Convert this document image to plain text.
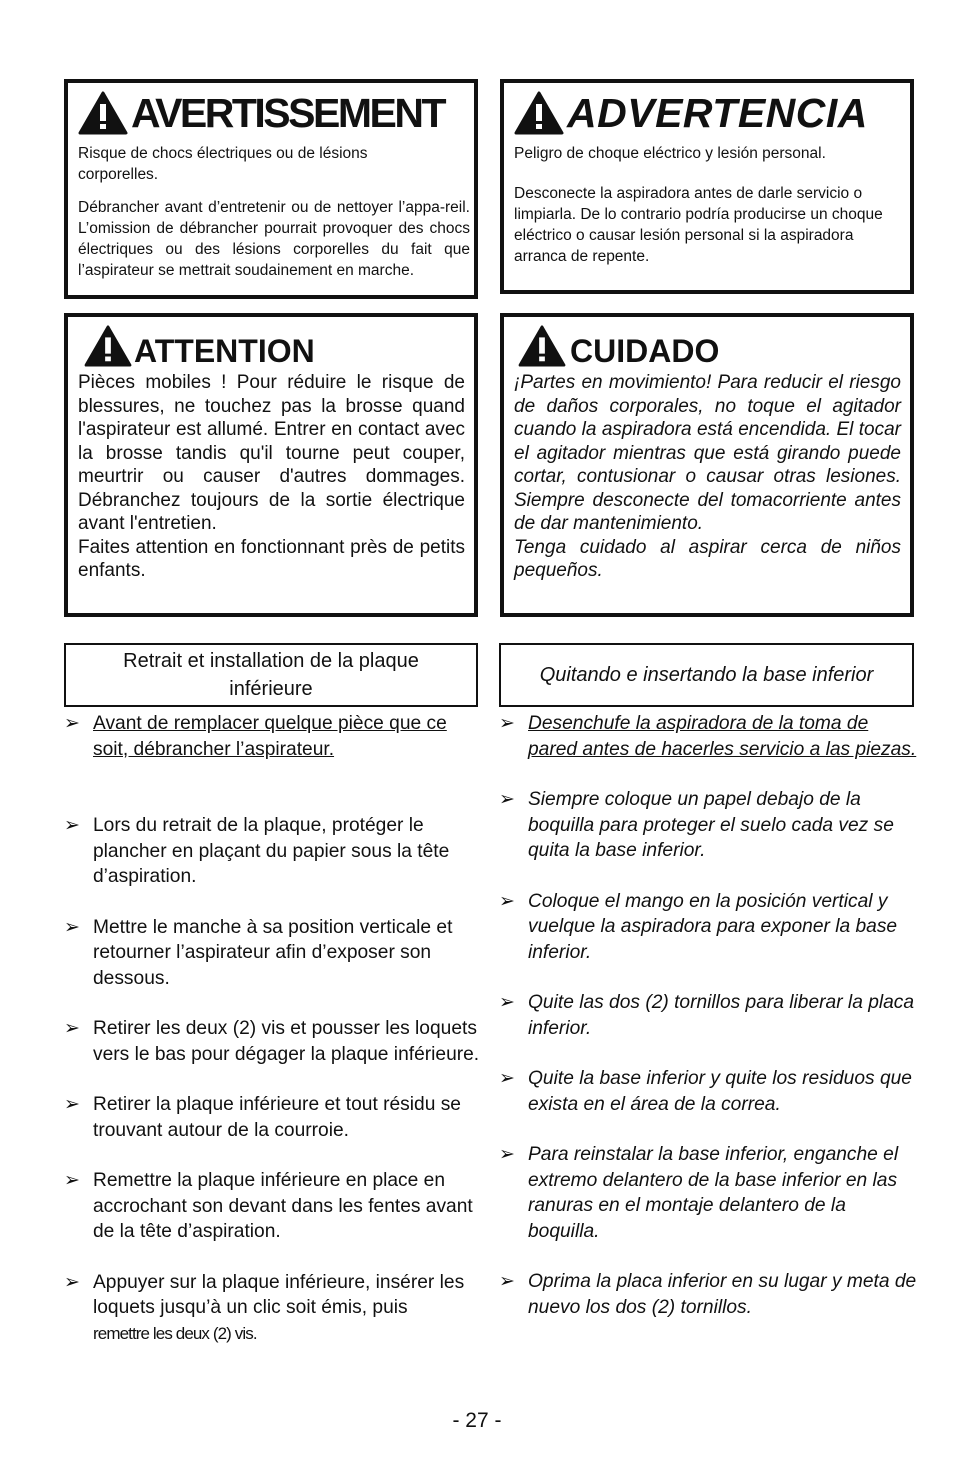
AVERTISSEMENT

Risque de chocs électriques ou de lésions corporelles.

Débrancher avant d’entretenir ou de nettoyer l’appa-reil. L’omission de débrancher pourrait provoquer des chocs électriques ou des lésions corporelles du fait que l’aspirateur se mettrait soudainement en marche.

ADVERTENCIA

Peligro de choque eléctrico y lesión personal.

Desconecte la aspiradora antes de darle servicio o limpiarla. De lo contrario podría producirse un choque eléctrico o causar lesión personal si la aspiradora arranca de repente.

ATTENTION

Pièces mobiles ! Pour réduire le risque de blessures, ne touchez pas la brosse quand l'aspirateur est allumé. Entrer en contact avec la brosse tandis qu'il tourne peut couper, meurtrir ou causer d'autres dommages. Débranchez toujours de la sortie électrique avant l'entretien.

Faites attention en fonctionnant près de petits enfants.

CUIDADO

¡Partes en movimiento! Para reducir el riesgo de daños corporales, no toque el agitador cuando la aspiradora está encendida. El tocar el agitador mientras que está girando puede cortar, contusionar o causar otras lesiones. Siempre desconecte del tomacorriente antes de dar mantenimiento.

Tenga cuidado al aspirar cerca de niños pequeños.

Retrait et installation de la plaque inférieure
Quitando e insertando la base inferior
➢ Avant de remplacer quelque pièce que ce soit, débrancher l’aspirateur.
➢ Lors du retrait de la plaque, protéger le plancher en plaçant du papier sous la tête d’aspiration.
➢ Mettre le manche à sa position verticale et retourner l’aspirateur afin d’exposer son dessous.
➢ Retirer les deux (2) vis et pousser les loquets vers le bas pour dégager la plaque inférieure.
➢ Retirer la plaque inférieure et tout résidu se trouvant autour de la courroie.
➢ Remettre la plaque inférieure en place en accrochant son devant dans les fentes avant de la tête d’aspiration.
➢ Appuyer sur la plaque inférieure, insérer les loquets jusqu’à un clic soit émis, puis
remettre les deux (2) vis.
➢ Desenchufe la aspiradora de la toma de pared antes de hacerles servicio a las piezas.
➢ Siempre coloque un papel debajo de la boquilla para proteger el suelo cada vez se quita la base inferior.
➢ Coloque el mango en la posición vertical y vuelque la aspiradora para exponer la base inferior.
➢ Quite las dos (2) tornillos para liberar la placa inferior.
➢ Quite la base inferior y quite los residuos que exista en el área de la correa.
➢ Para reinstalar la base inferior, enganche el extremo delantero de la base inferior en las ranuras en el montaje delantero de la boquilla.
➢ Oprima la placa inferior en su lugar y meta de nuevo los dos (2) tornillos.
- 27 -
